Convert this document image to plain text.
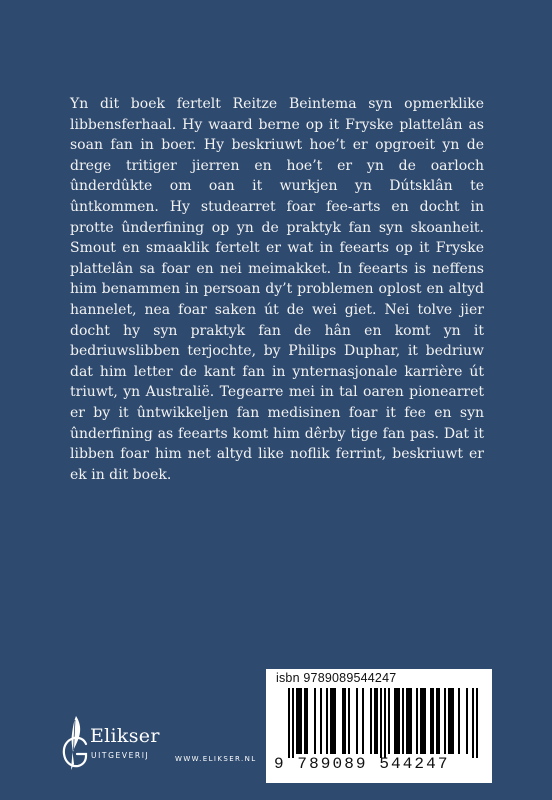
Yn dit boek fertelt Reitze Beintema syn opmerklike libbensferhaal. Hy waard berne op it Fryske plattelân as soan fan in boer. Hy beskriuwt hoe’t er opgroeit yn de drege tritiger jierren en hoe’t er yn de oarloch ûnderdûkte om oan it wurkjen yn Dútsklân te ûntkommen. Hy studearret foar fee-arts en docht in protte ûnderfining op yn de praktyk fan syn skoanheit. Smout en smaaklik fertelt er wat in feearts op it Fryske plattelân sa foar en nei meimakket. In feearts is neffens him benammen in persoan dy’t problemen oplost en altyd hannelet, nea foar saken út de wei giet. Nei tolve jier docht hy syn praktyk fan de hân en komt yn it bedriuwslibben terjochte, by Philips Duphar, it bedriuw dat him letter de kant fan in ynternasjonale karrière út triuwt, yn Australië. Tegearre mei in tal oaren pionearret er by it ûntwikkeljen fan medisinen foar it fee en syn ûnderfining as feearts komt him dêrby tige fan pas. Dat it libben foar him net altyd like noflik ferrint, beskriuwt er ek in dit boek.
Elikser
UITGEVERIJ	WWW.ELIKSER.NL
isbn 9789089544247
9 789089 544247
